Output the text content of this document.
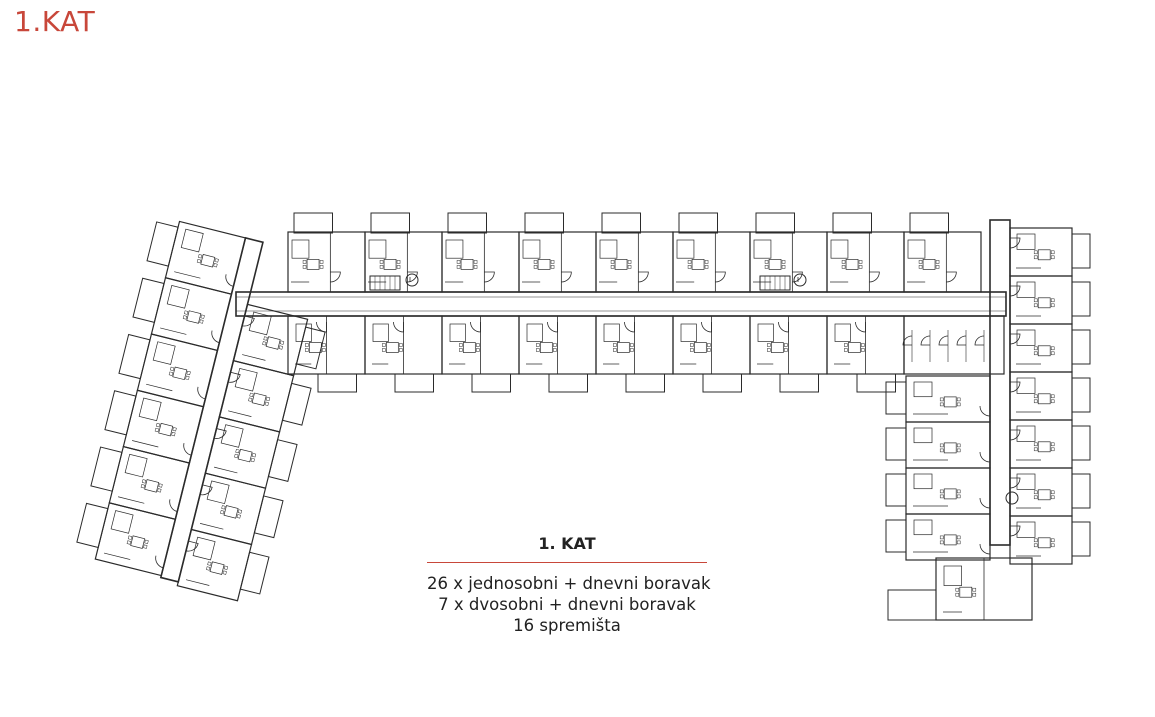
1.KAT
1. KAT
26 x jednosobni + dnevni boravak
7 x dvosobni + dnevni boravak
16 spremišta
